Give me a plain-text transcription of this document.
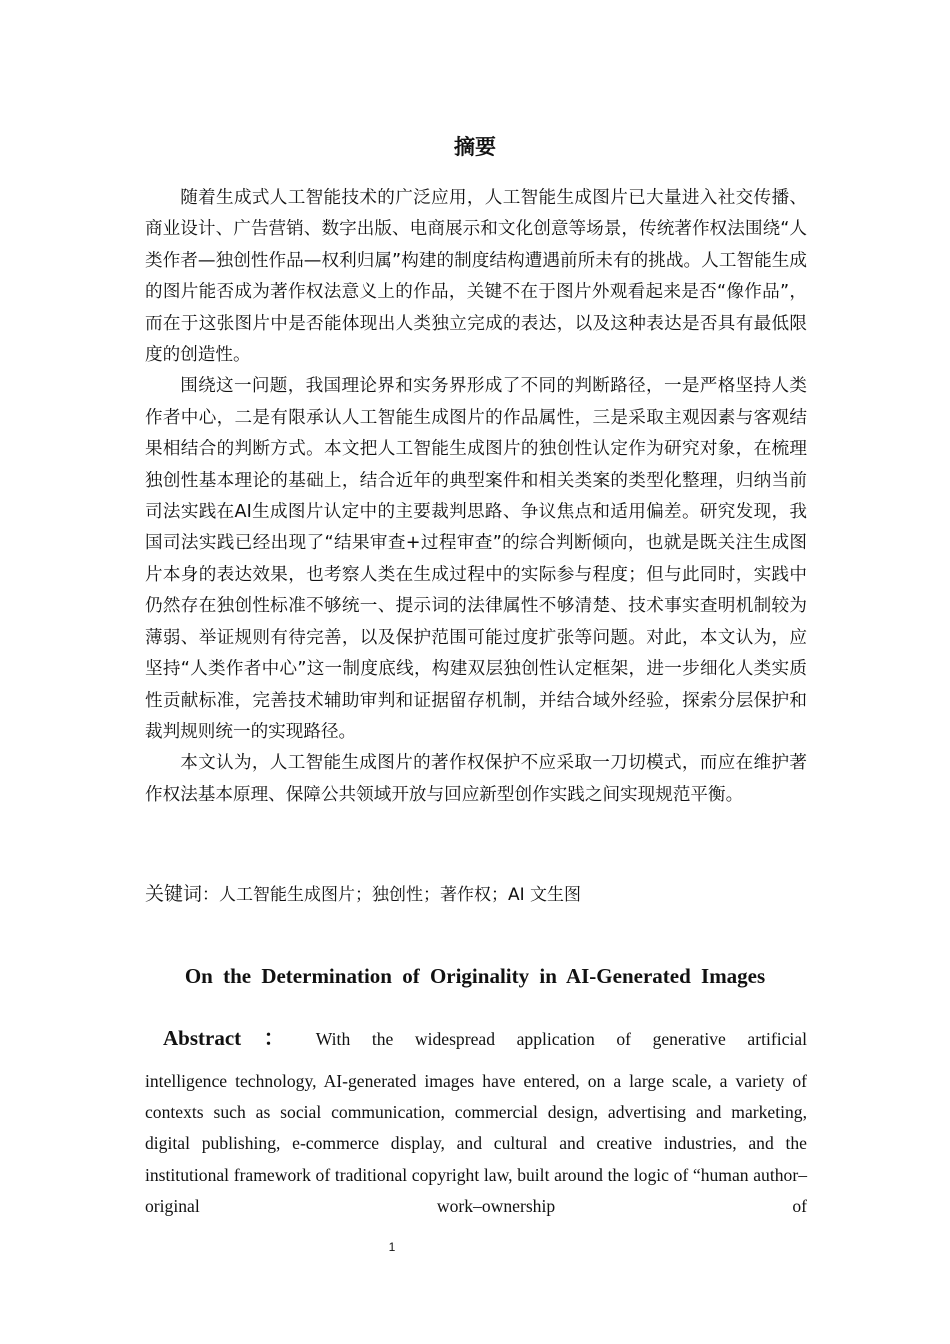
摘要

随着生成式人工智能技术的广泛应用，人工智能生成图片已大量进入社交传播、商业设计、广告营销、数字出版、电商展示和文化创意等场景，传统著作权法围绕“人类作者—独创性作品—权利归属”构建的制度结构遭遇前所未有的挑战。人工智能生成的图片能否成为著作权法意义上的作品，关键不在于图片外观看起来是否“像作品”，而在于这张图片中是否能体现出人类独立完成的表达，以及这种表达是否具有最低限度的创造性。

围绕这一问题，我国理论界和实务界形成了不同的判断路径，一是严格坚持人类作者中心，二是有限承认人工智能生成图片的作品属性，三是采取主观因素与客观结果相结合的判断方式。本文把人工智能生成图片的独创性认定作为研究对象，在梳理独创性基本理论的基础上，结合近年的典型案件和相关类案的类型化整理，归纳当前司法实践在AI生成图片认定中的主要裁判思路、争议焦点和适用偏差。研究发现，我国司法实践已经出现了“结果审查+过程审查”的综合判断倾向，也就是既关注生成图片本身的表达效果，也考察人类在生成过程中的实际参与程度；但与此同时，实践中仍然存在独创性标准不够统一、提示词的法律属性不够清楚、技术事实查明机制较为薄弱、举证规则有待完善，以及保护范围可能过度扩张等问题。对此，本文认为，应坚持“人类作者中心”这一制度底线，构建双层独创性认定框架，进一步细化人类实质性贡献标准，完善技术辅助审判和证据留存机制，并结合域外经验，探索分层保护和裁判规则统一的实现路径。

本文认为，人工智能生成图片的著作权保护不应采取一刀切模式，而应在维护著作权法基本原理、保障公共领域开放与回应新型创作实践之间实现规范平衡。

关键词：人工智能生成图片；独创性；著作权；AI 文生图
On the Determination of Originality in AI-Generated Images
Abstract ： With the widespread application of generative artificial
intelligence technology, AI-generated images have entered, on a large scale, a variety of contexts such as social communication, commercial design, advertising and marketing, digital publishing, e-commerce display, and cultural and creative industries, and the institutional framework of traditional copyright law, built around the logic of “human author–original work–ownership of
1
